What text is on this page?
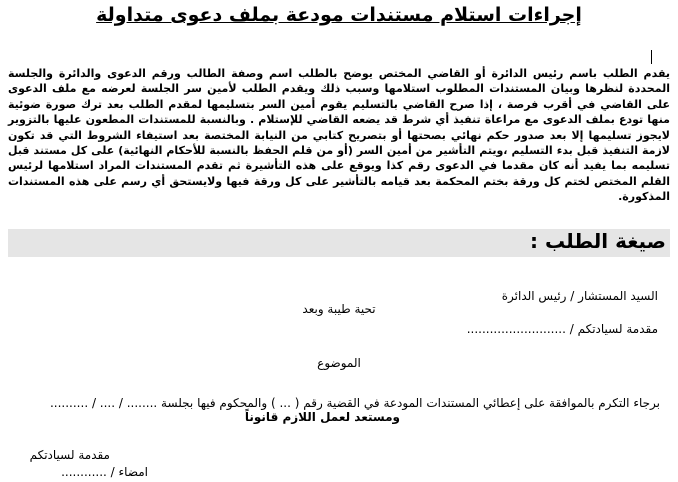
إجراءات استلام مستندات مودعة بملف دعوى متداولة
يقدم الطلب باسم رئيس الدائرة أو القاضي المختص يوضح بالطلب اسم وصفة الطالب ورقم الدعوى والدائرة والجلسة المحددة لنظرها وبيان المستندات المطلوب استلامها وسبب ذلك ويقدم الطلب لأمين سر الجلسة لعرضه مع ملف الدعوى على القاضي في أقرب فرصة ، إذا صرح القاضي بالتسليم يقوم أمين السر بتسليمها لمقدم الطلب بعد ترك صورة ضوئية منها تودع بملف الدعوى مع مراعاة تنفيذ أي شرط قد يضعه القاضي للإستلام . وبالنسبة للمستندات المطعون عليها بالتزوير لايجوز تسليمها إلا بعد صدور حكم نهائي بصحتها أو بتصريح كتابي من النيابة المختصة بعد استيفاء الشروط التي قد تكون لازمة التنفيذ قبل بدء التسليم ،ويتم التأشير من أمين السر (أو من قلم الحفظ بالنسبة للأحكام النهائية) على كل مستند قبل تسليمه بما يفيد أنه كان مقدما في الدعوى رقم كذا ويوقع على هذه التأشيرة ثم تقدم المستندات المراد استلامها لرئيس القلم المختص لختم كل ورقة بختم المحكمة بعد قيامه بالتأشير على كل ورقة فيها ولايستحق أي رسم على هذه المستندات المذكورة.
صيغة الطلب :
السيد المستشار / رئيس الدائرة
تحية طيبة وبعد
مقدمة لسيادتكم / ..........................
الموضوع
برجاء التكرم بالموافقة على إعطائي المستندات المودعة في القضية رقم ( ... ) والمحكوم فيها بجلسة ........ / .... / ..........
ومستعد لعمل اللازم قانوناً
مقدمة لسيادتكم
امضاء / ............
